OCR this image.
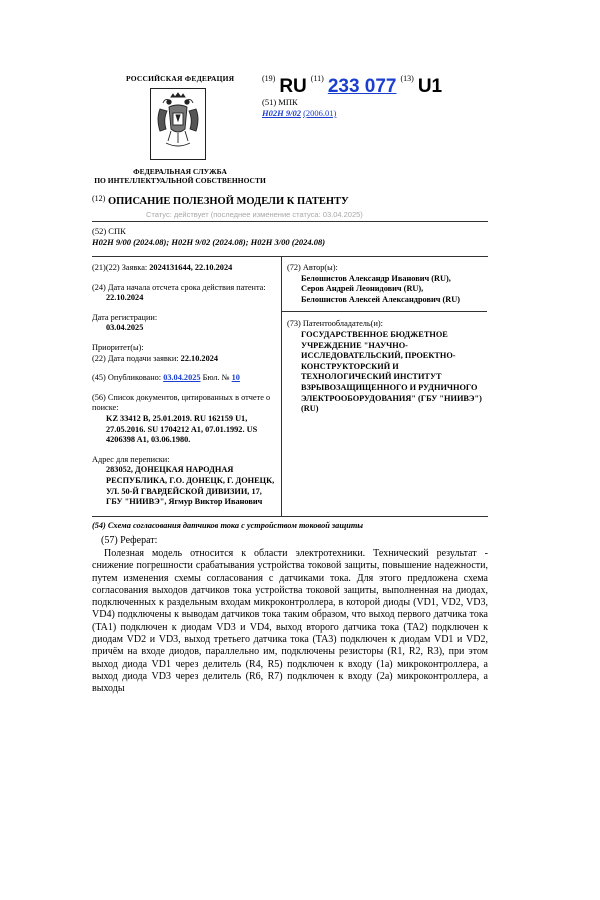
РОССИЙСКАЯ ФЕДЕРАЦИЯ
ФЕДЕРАЛЬНАЯ СЛУЖБА
ПО ИНТЕЛЛЕКТУАЛЬНОЙ СОБСТВЕННОСТИ
$^{(19)}$ RU $^{(11)}$ 233 077 $^{(13)}$ U1
(51) МПК
H02H 9/02 (2006.01)
$^{(12)}$ ОПИСАНИЕ ПОЛЕЗНОЙ МОДЕЛИ К ПАТЕНТУ
Статус: действует (последнее изменение статуса: 03.04.2025)
(52) СПК
H02H 9/00 (2024.08); H02H 9/02 (2024.08); H02H 3/00 (2024.08)

(21)(22) Заявка: 2024131644, 22.10.2024

(24) Дата начала отсчета срока действия патента:

22.10.2024

Дата регистрации:

03.04.2025

Приоритет(ы):

(22) Дата подачи заявки: 22.10.2024

(45) Опубликовано: 03.04.2025 Бюл. № 10

(56) Список документов, цитированных в отчете о поиске:

KZ 33412 B, 25.01.2019. RU 162159 U1, 27.05.2016. SU 1704212 A1, 07.01.1992. US 4206398 A1, 03.06.1980.

Адрес для переписки:

283052, ДОНЕЦКАЯ НАРОДНАЯ РЕСПУБЛИКА, Г.О. ДОНЕЦК, Г. ДОНЕЦК, УЛ. 50-Й ГВАРДЕЙСКОЙ ДИВИЗИИ, 17, ГБУ "НИИВЭ", Ягмур Виктор Иванович

(72) Автор(ы):

Белошистов Александр Иванович (RU),

Серов Андрей Леонидович (RU),

Белошистов Алексей Александрович (RU)

(73) Патентообладатель(и):

ГОСУДАРСТВЕННОЕ БЮДЖЕТНОЕ УЧРЕЖДЕНИЕ "НАУЧНО-ИССЛЕДОВАТЕЛЬСКИЙ, ПРОЕКТНО-КОНСТРУКТОРСКИЙ И ТЕХНОЛОГИЧЕСКИЙ ИНСТИТУТ ВЗРЫВОЗАЩИЩЕННОГО И РУДНИЧНОГО ЭЛЕКТРООБОРУДОВАНИЯ" (ГБУ "НИИВЭ") (RU)

(54) Схема согласования датчиков тока с устройством токовой защиты
(57) Реферат:
Полезная модель относится к области электротехники. Технический результат - снижение погрешности срабатывания устройства токовой защиты, повышение надежности, путем изменения схемы согласования с датчиками тока. Для этого предложена схема согласования выходов датчиков тока устройства токовой защиты, выполненная на диодах, подключенных к раздельным входам микроконтроллера, в которой диоды (VD1, VD2, VD3, VD4) подключены к выводам датчиков тока таким образом, что выход первого датчика тока (TA1) подключен к диодам VD3 и VD4, выход второго датчика тока (TA2) подключен к диодам VD2 и VD3, выход третьего датчика тока (TA3) подключен к диодам VD1 и VD2, причём на входе диодов, параллельно им, подключены резисторы (R1, R2, R3), при этом выход диода VD1 через делитель (R4, R5) подключен к входу (1а) микроконтроллера, а выход диода VD3 через делитель (R6, R7) подключен к входу (2а) микроконтроллера, а выходы
